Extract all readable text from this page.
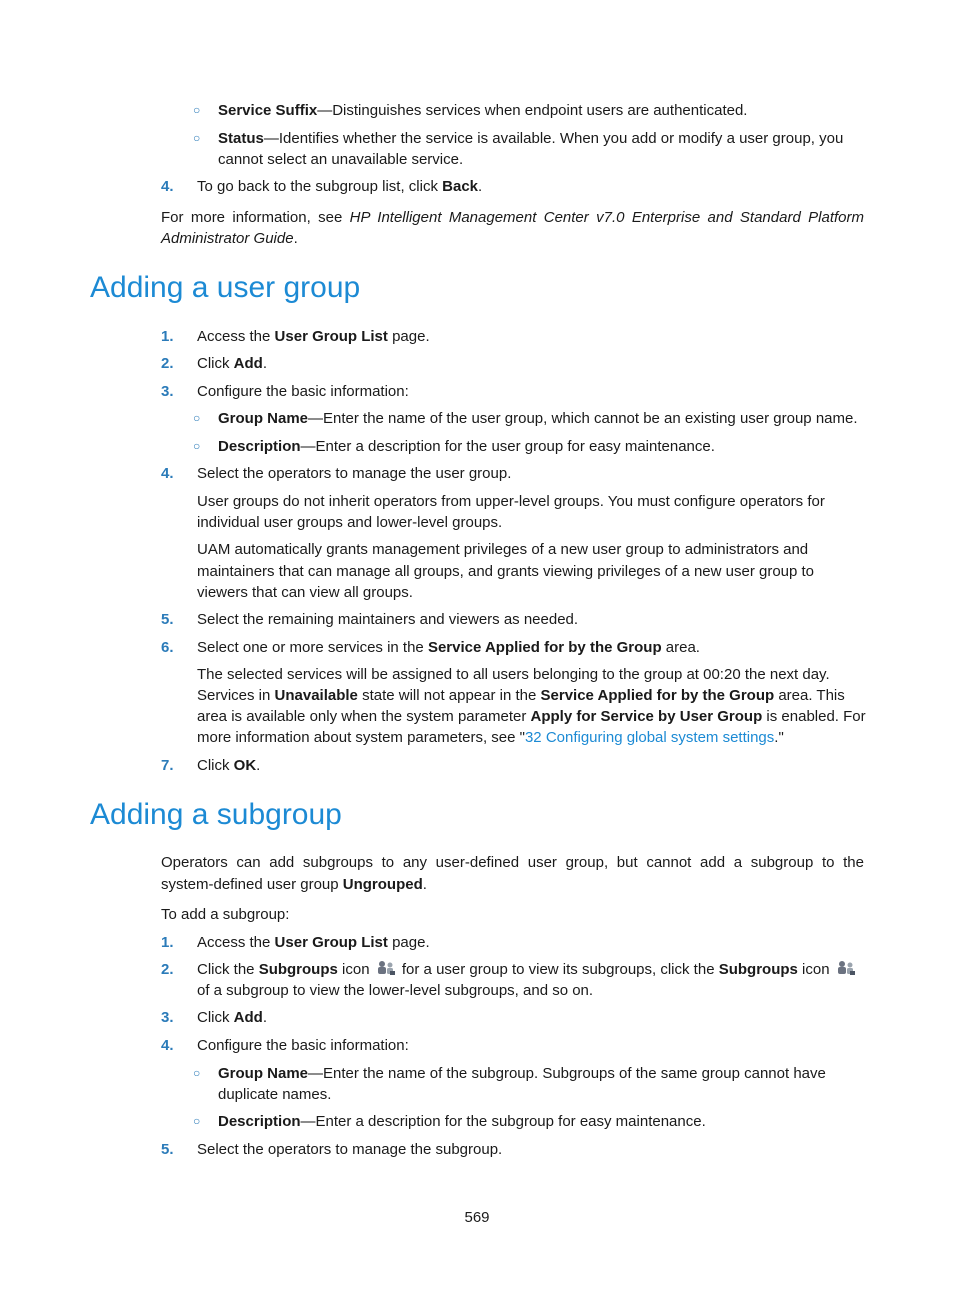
○ Service Suffix—Distinguishes services when endpoint users are authenticated.
○ Status—Identifies whether the service is available. When you add or modify a user group, you
cannot select an unavailable service.
4. To go back to the subgroup list, click Back.
For more information, see HP Intelligent Management Center v7.0 Enterprise and Standard Platform
Administrator Guide.
Adding a user group
1. Access the User Group List page.
2. Click Add.
3. Configure the basic information:
○ Group Name—Enter the name of the user group, which cannot be an existing user group name.
○ Description—Enter a description for the user group for easy maintenance.
4. Select the operators to manage the user group.
User groups do not inherit operators from upper-level groups. You must configure operators for
individual user groups and lower-level groups.
UAM automatically grants management privileges of a new user group to administrators and
maintainers that can manage all groups, and grants viewing privileges of a new user group to
viewers that can view all groups.
5. Select the remaining maintainers and viewers as needed.
6. Select one or more services in the Service Applied for by the Group area.
The selected services will be assigned to all users belonging to the group at 00:20 the next day.
Services in Unavailable state will not appear in the Service Applied for by the Group area. This
area is available only when the system parameter Apply for Service by User Group is enabled. For
more information about system parameters, see "32 Configuring global system settings."
7. Click OK.
Adding a subgroup
Operators can add subgroups to any user-defined user group, but cannot add a subgroup to the
system-defined user group Ungrouped.
To add a subgroup:
1. Access the User Group List page.
2. Click the Subgroups icon  for a user group to view its subgroups, click the Subgroups icon
of a subgroup to view the lower-level subgroups, and so on.
3. Click Add.
4. Configure the basic information:
○ Group Name—Enter the name of the subgroup. Subgroups of the same group cannot have
duplicate names.
○ Description—Enter a description for the subgroup for easy maintenance.
5. Select the operators to manage the subgroup.
569
